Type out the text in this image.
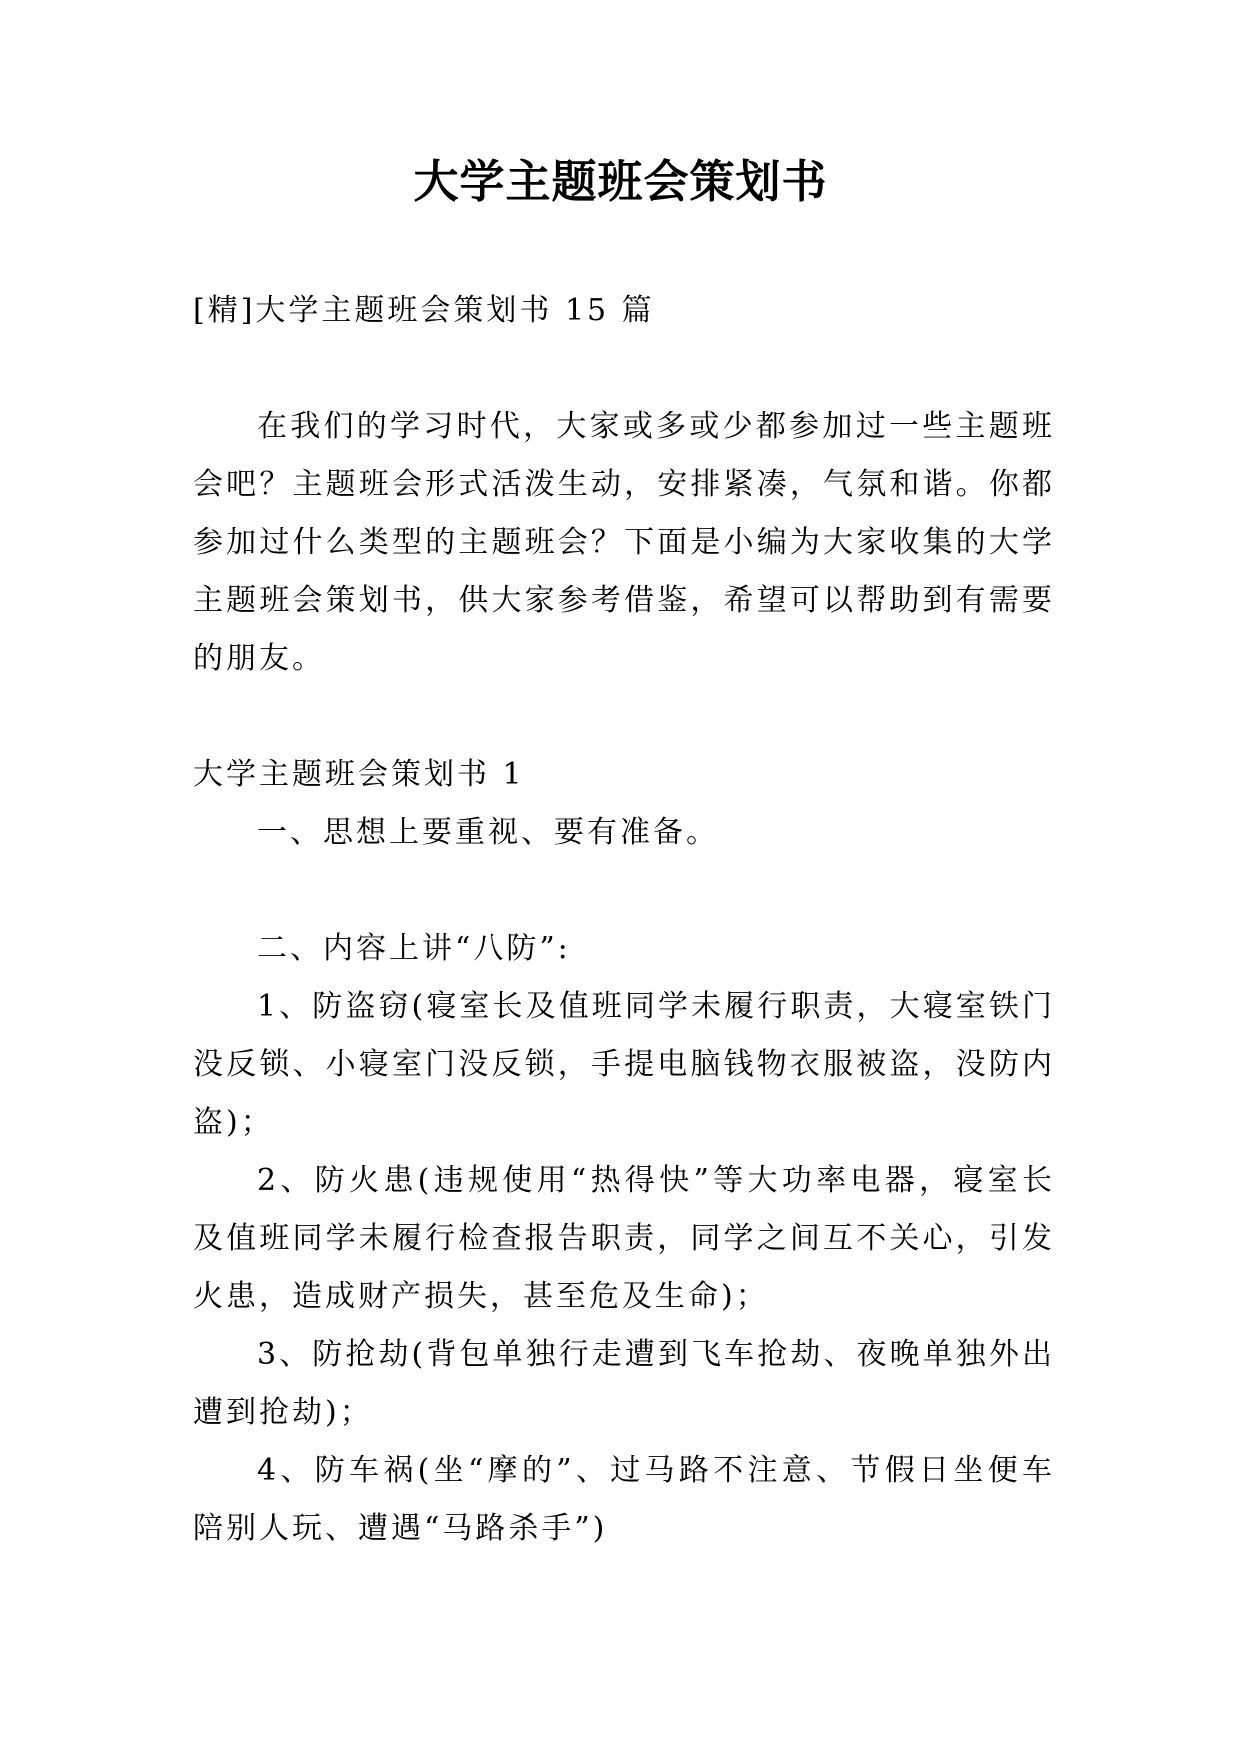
大学主题班会策划书

[精]大学主题班会策划书 15 篇

在我们的学习时代，大家或多或少都参加过一些主题班会吧？主题班会形式活泼生动，安排紧凑，气氛和谐。你都参加过什么类型的主题班会？下面是小编为大家收集的大学主题班会策划书，供大家参考借鉴，希望可以帮助到有需要的朋友。

大学主题班会策划书 1

一、思想上要重视、要有准备。

二、内容上讲“八防”:

1、防盗窃(寝室长及值班同学未履行职责，大寝室铁门没反锁、小寝室门没反锁，手提电脑钱物衣服被盗，没防内盗)；

2、防火患(违规使用“热得快”等大功率电器，寝室长及值班同学未履行检查报告职责，同学之间互不关心，引发火患，造成财产损失，甚至危及生命)；

3、防抢劫(背包单独行走遭到飞车抢劫、夜晚单独外出遭到抢劫)；

4、防车祸(坐“摩的”、过马路不注意、节假日坐便车陪别人玩、遭遇“马路杀手”)
